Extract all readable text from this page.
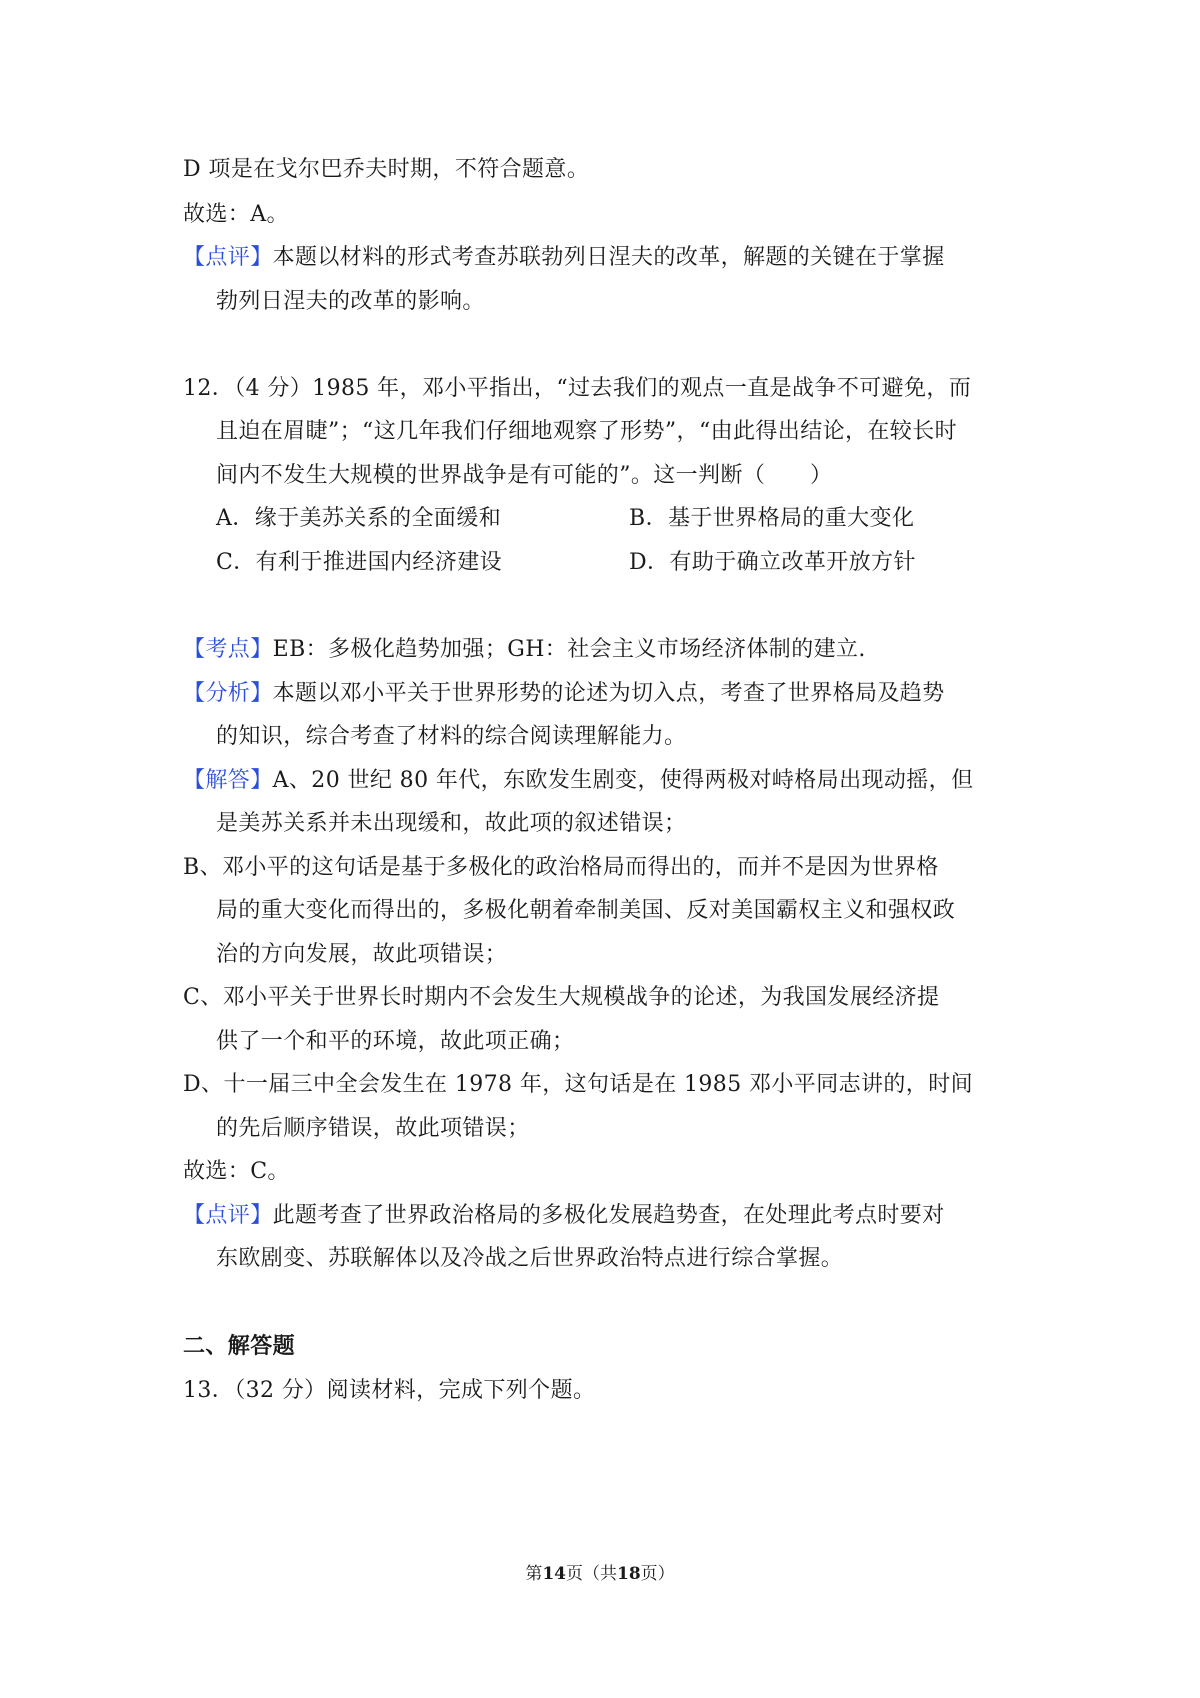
D 项是在戈尔巴乔夫时期，不符合题意。
故选：A。
【点评】本题以材料的形式考查苏联勃列日涅夫的改革，解题的关键在于掌握
勃列日涅夫的改革的影响。
12．（4 分）1985 年，邓小平指出，“过去我们的观点一直是战争不可避免，而
且迫在眉睫”；“这几年我们仔细地观察了形势”，“由此得出结论，在较长时
间内不发生大规模的世界战争是有可能的”。这一判断（　　）
A．缘于美苏关系的全面缓和	B．基于世界格局的重大变化
C．有利于推进国内经济建设	D．有助于确立改革开放方针
【考点】EB：多极化趋势加强；GH：社会主义市场经济体制的建立.
【分析】本题以邓小平关于世界形势的论述为切入点，考查了世界格局及趋势
的知识，综合考查了材料的综合阅读理解能力。
【解答】A、20 世纪 80 年代，东欧发生剧变，使得两极对峙格局出现动摇，但
是美苏关系并未出现缓和，故此项的叙述错误；
B、邓小平的这句话是基于多极化的政治格局而得出的，而并不是因为世界格
局的重大变化而得出的，多极化朝着牵制美国、反对美国霸权主义和强权政
治的方向发展，故此项错误；
C、邓小平关于世界长时期内不会发生大规模战争的论述，为我国发展经济提
供了一个和平的环境，故此项正确；
D、十一届三中全会发生在 1978 年，这句话是在 1985 邓小平同志讲的，时间
的先后顺序错误，故此项错误；
故选：C。
【点评】此题考查了世界政治格局的多极化发展趋势查，在处理此考点时要对
东欧剧变、苏联解体以及冷战之后世界政治特点进行综合掌握。
二、解答题
13．（32 分）阅读材料，完成下列个题。
第14页（共18页）
